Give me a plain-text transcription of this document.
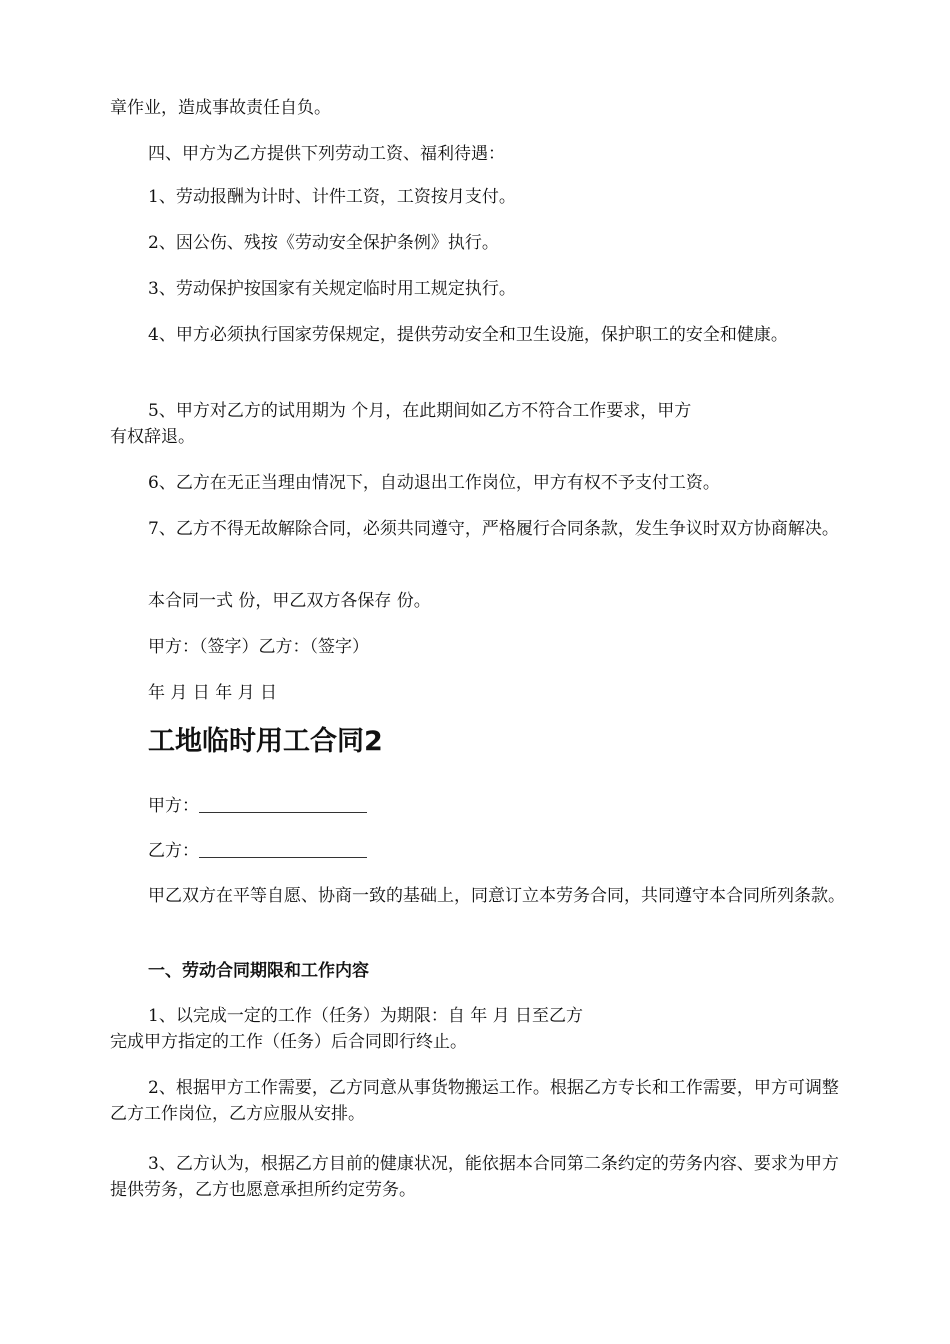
章作业，造成事故责任自负。

四、甲方为乙方提供下列劳动工资、福利待遇：

1、劳动报酬为计时、计件工资，工资按月支付。

2、因公伤、残按《劳动安全保护条例》执行。

3、劳动保护按国家有关规定临时用工规定执行。

4、甲方必须执行国家劳保规定，提供劳动安全和卫生设施，保护职工的安全和健康。

5、甲方对乙方的试用期为 个月，在此期间如乙方不符合工作要求，甲方

有权辞退。

6、乙方在无正当理由情况下，自动退出工作岗位，甲方有权不予支付工资。

7、乙方不得无故解除合同，必须共同遵守，严格履行合同条款，发生争议时双方协商解决。

本合同一式 份，甲乙双方各保存 份。

甲方：（签字）乙方：（签字）

年 月 日 年 月 日

工地临时用工合同2

甲方：

乙方：

甲乙双方在平等自愿、协商一致的基础上，同意订立本劳务合同，共同遵守本合同所列条款。

一、劳动合同期限和工作内容

1、以完成一定的工作（任务）为期限：自 年 月 日至乙方

完成甲方指定的工作（任务）后合同即行终止。

2、根据甲方工作需要，乙方同意从事货物搬运工作。根据乙方专长和工作需要，甲方可调整乙方工作岗位，乙方应服从安排。

3、乙方认为，根据乙方目前的健康状况，能依据本合同第二条约定的劳务内容、要求为甲方提供劳务，乙方也愿意承担所约定劳务。
